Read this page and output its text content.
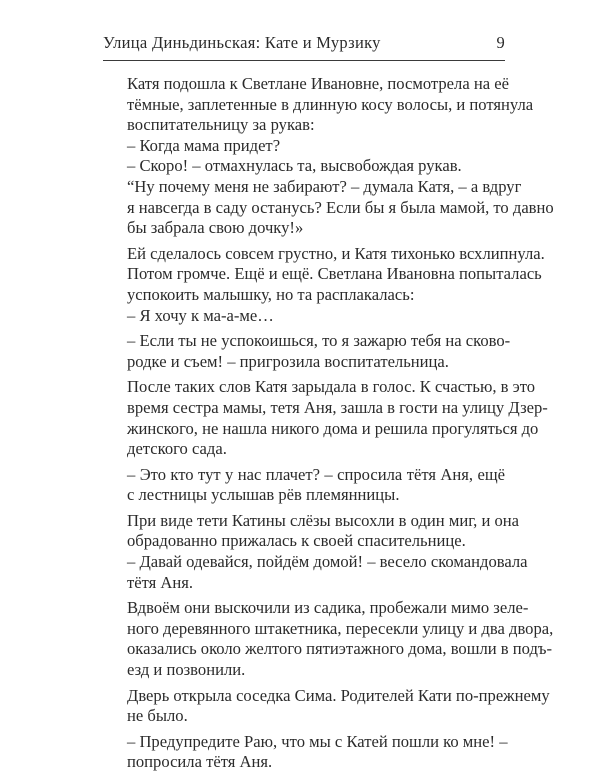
Улица Диньдиньская: Кате и Мурзику	9

Катя подошла к Светлане Ивановне, посмотрела на её
тёмные, заплетенные в длинную косу волосы, и потянула
воспитательницу за рукав:

– Когда мама придет?

– Скоро! – отмахнулась та, высвобождая рукав.

“Ну почему меня не забирают? – думала Катя, – а вдруг
я навсегда в саду останусь? Если бы я была мамой, то давно
бы забрала свою дочку!»

Ей сделалось совсем грустно, и Катя тихонько всхлипнула.
Потом громче. Ещё и ещё. Светлана Ивановна попыталась
успокоить малышку, но та расплакалась:

– Я хочу к ма-а-ме…

– Если ты не успокоишься, то я зажарю тебя на сково-
родке и съем! – пригрозила воспитательница.

После таких слов Катя зарыдала в голос. К счастью, в это
время сестра мамы, тетя Аня, зашла в гости на улицу Дзер-
жинского, не нашла никого дома и решила прогуляться до
детского сада.

– Это кто тут у нас плачет? – спросила тётя Аня, ещё
с лестницы услышав рёв племянницы.

При виде тети Катины слёзы высохли в один миг, и она
обрадованно прижалась к своей спасительнице.

– Давай одевайся, пойдём домой! – весело скомандовала
тётя Аня.

Вдвоём они выскочили из садика, пробежали мимо зеле-
ного деревянного штакетника, пересекли улицу и два двора,
оказались около желтого пятиэтажного дома, вошли в подъ-
езд и позвонили.

Дверь открыла соседка Сима. Родителей Кати по-прежнему
не было.

– Предупредите Раю, что мы с Катей пошли ко мне! –
попросила тётя Аня.
